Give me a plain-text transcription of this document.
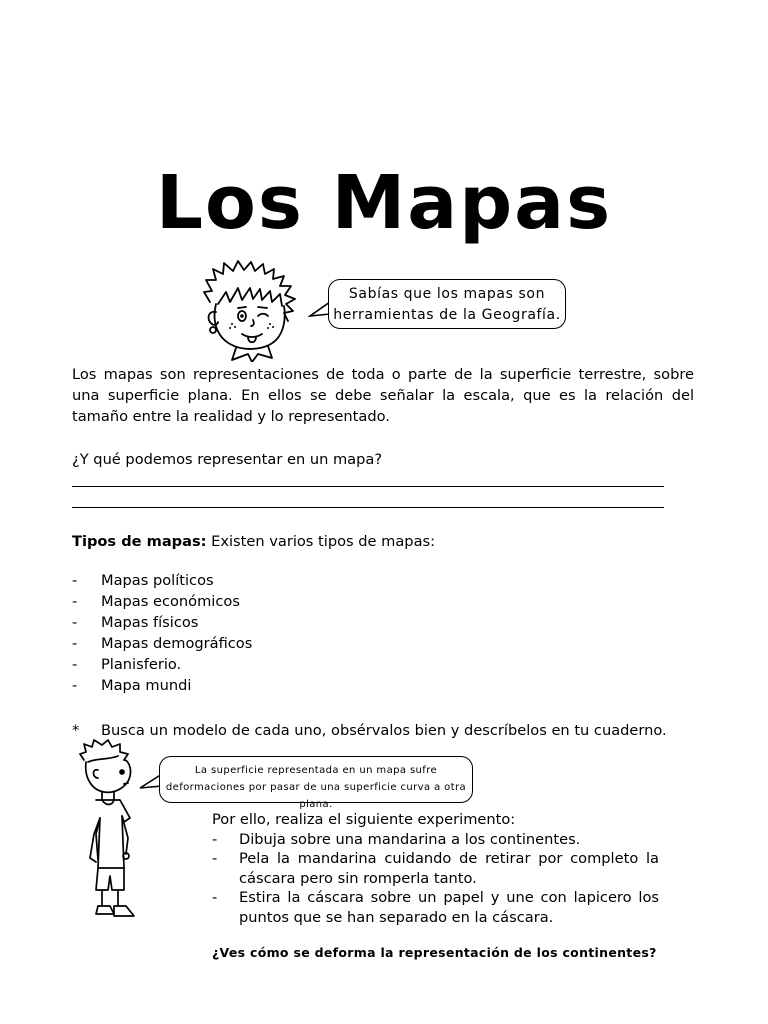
Los Mapas
Sabías que los mapas son herramientas de la Geografía.
Los mapas son representaciones de toda o parte de la superficie terrestre, sobre una superficie plana. En ellos se debe señalar la escala, que es la relación del tamaño entre la realidad y lo representado.
¿Y qué podemos representar en un mapa?
Tipos de mapas: Existen varios tipos de mapas:
- Mapas políticos
- Mapas económicos
- Mapas físicos
- Mapas demográficos
- Planisferio.
- Mapa mundi
* Busca un modelo de cada uno, obsérvalos bien y descríbelos en tu cuaderno.
La superficie representada en un mapa sufre deformaciones por pasar de una superficie curva a otra plana.
Por ello, realiza el siguiente experimento:
- Dibuja sobre una mandarina a los continentes.
- Pela la mandarina cuidando de retirar por completo la cáscara pero sin romperla tanto.
- Estira la cáscara sobre un papel y une con lapicero los puntos que se han separado en la cáscara.
¿Ves cómo se deforma la representación de los continentes?
